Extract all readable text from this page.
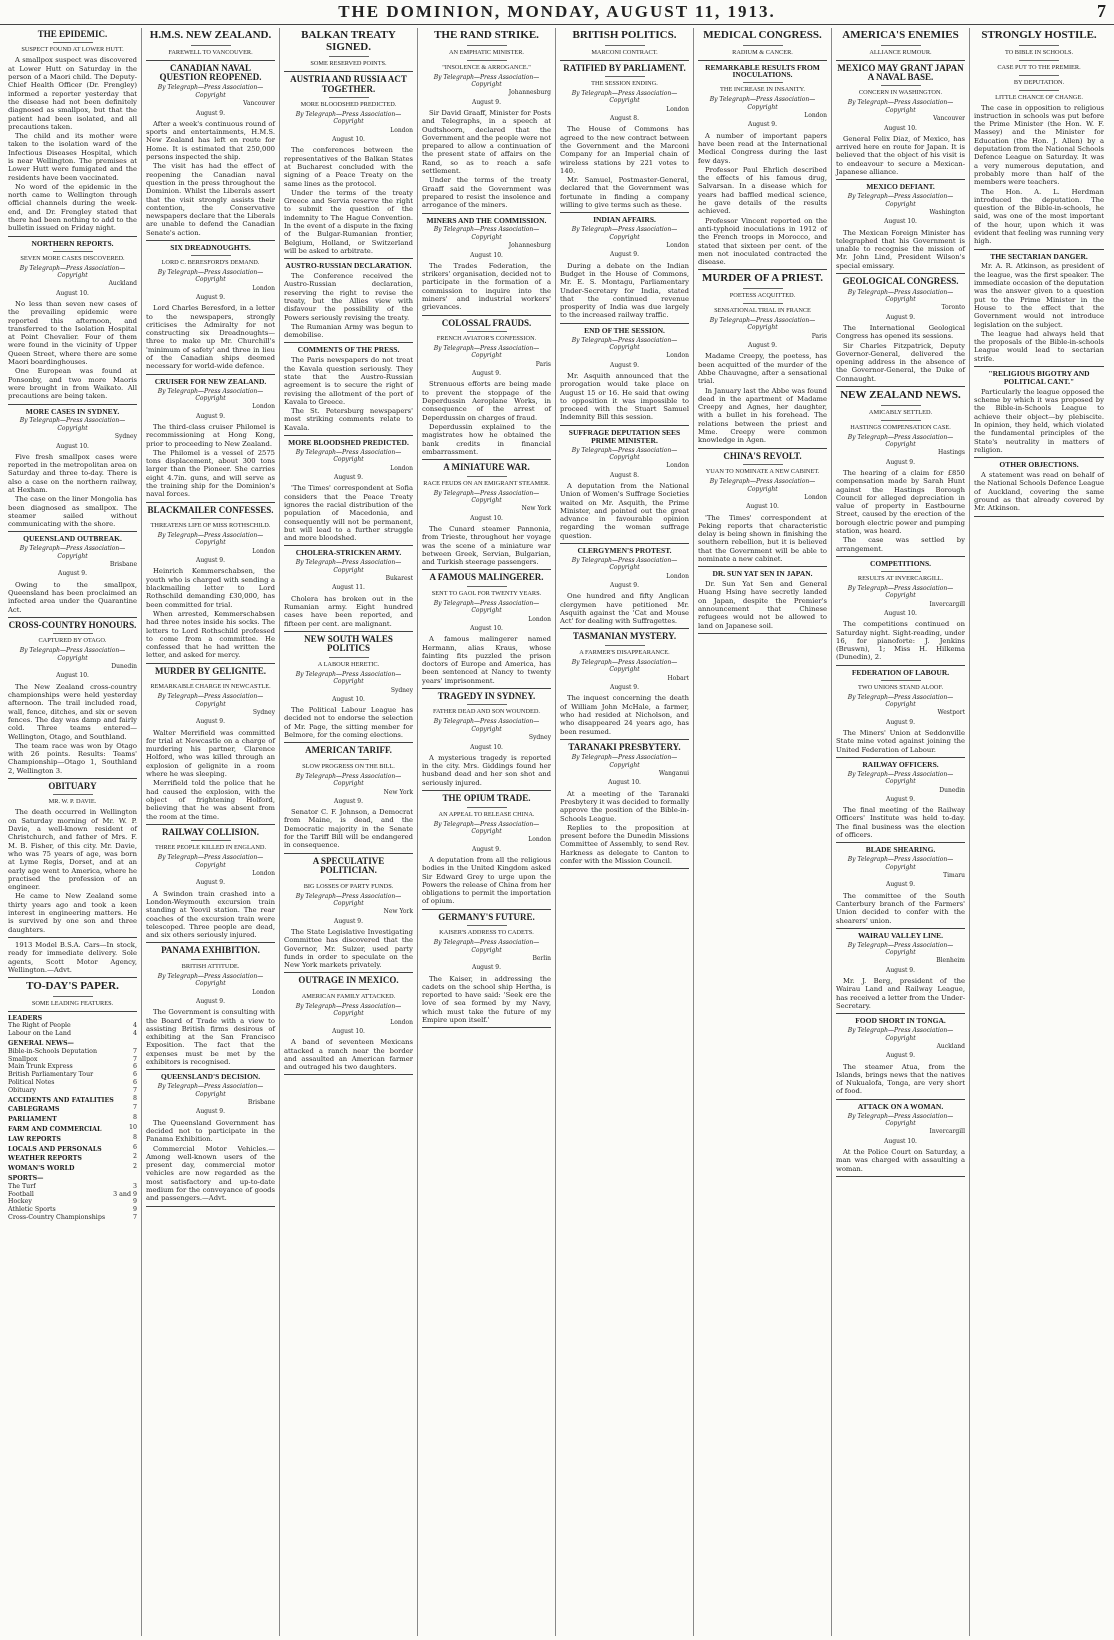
THE DOMINION, MONDAY, AUGUST 11, 1913.	7
THE EPIDEMIC.
SUSPECT FOUND AT LOWER HUTT.
A smallpox suspect was discovered at Lower Hutt on Saturday in the person of a Maori child. The Deputy-Chief Health Officer (Dr. Frengley) informed a reporter yesterday that the disease had not been definitely diagnosed as smallpox, but that the patient had been isolated, and all precautions taken.
The child and its mother were taken to the isolation ward of the Infectious Diseases Hospital, which is near Wellington. The premises at Lower Hutt were fumigated and the residents have been vaccinated.
No word of the epidemic in the north came to Wellington through official channels during the week-end, and Dr. Frengley stated that there had been nothing to add to the bulletin issued on Friday night.
NORTHERN REPORTS.
SEVEN MORE CASES DISCOVERED.
By Telegraph—Press Association—Copyright
Auckland
August 10.
No less than seven new cases of the prevailing epidemic were reported this afternoon, and transferred to the Isolation Hospital at Point Chevalier. Four of them were found in the vicinity of Upper Queen Street, where there are some Maori boardinghouses.
One European was found at Ponsonby, and two more Maoris were brought in from Waikato. All precautions are being taken.
MORE CASES IN SYDNEY.
By Telegraph—Press Association—Copyright
Sydney
August 10.
Five fresh smallpox cases were reported in the metropolitan area on Saturday and three to-day. There is also a case on the northern railway, at Hexham.
The case on the liner Mongolia has been diagnosed as smallpox. The steamer sailed without communicating with the shore.
QUEENSLAND OUTBREAK.
By Telegraph—Press Association—Copyright
Brisbane
August 9.
Owing to the smallpox, Queensland has been proclaimed an infected area under the Quarantine Act.
CROSS-COUNTRY HONOURS.
CAPTURED BY OTAGO.
By Telegraph—Press Association—Copyright
Dunedin
August 10.
The New Zealand cross-country championships were held yesterday afternoon. The trail included road, wall, fence, ditches, and six or seven fences. The day was damp and fairly cold. Three teams entered—Wellington, Otago, and Southland.
The team race was won by Otago with 26 points. Results: Teams' Championship—Otago 1, Southland 2, Wellington 3.
OBITUARY
MR. W. P. DAVIE.
The death occurred in Wellington on Saturday morning of Mr. W. P. Davie, a well-known resident of Christchurch, and father of Mrs. F. M. B. Fisher, of this city. Mr. Davie, who was 75 years of age, was born at Lyme Regis, Dorset, and at an early age went to America, where he practised the profession of an engineer.
He came to New Zealand some thirty years ago and took a keen interest in engineering matters. He is survived by one son and three daughters.
1913 Model B.S.A. Cars—In stock, ready for immediate delivery. Sole agents, Scott Motor Agency, Wellington.—Advt.
TO-DAY'S PAPER.
SOME LEADING FEATURES.
LEADERS
The Right of People	4
Labour on the Land	4
GENERAL NEWS—
Bible-in-Schools Deputation	7
Smallpox	7
Main Trunk Express	6
British Parliamentary Tour	6
Political Notes	6
Obituary	7
ACCIDENTS AND FATALITIES	8
CABLEGRAMS	7
PARLIAMENT	8
FARM AND COMMERCIAL	10
LAW REPORTS	8
LOCALS AND PERSONALS	6
WEATHER REPORTS	2
WOMAN'S WORLD	2
SPORTS—
The Turf	3
Football	3 and 9
Hockey	9
Athletic Sports	9
Cross-Country Championships	7
H.M.S. NEW ZEALAND.
FAREWELL TO VANCOUVER.
CANADIAN NAVAL QUESTION REOPENED.
By Telegraph—Press Association—Copyright
Vancouver
August 9.
After a week's continuous round of sports and entertainments, H.M.S. New Zealand has left en route for Home. It is estimated that 250,000 persons inspected the ship.
The visit has had the effect of reopening the Canadian naval question in the press throughout the Dominion. Whilst the Liberals assert that the visit strongly assists their contention, the Conservative newspapers declare that the Liberals are unable to defend the Canadian Senate's action.
SIX DREADNOUGHTS.
LORD C. BERESFORD'S DEMAND.
By Telegraph—Press Association—Copyright
London
August 9.
Lord Charles Beresford, in a letter to the newspapers, strongly criticises the Admiralty for not constructing six Dreadnoughts—three to make up Mr. Churchill's 'minimum of safety' and three in lieu of the Canadian ships deemed necessary for world-wide defence.
CRUISER FOR NEW ZEALAND.
By Telegraph—Press Association—Copyright
London
August 9.
The third-class cruiser Philomel is recommissioning at Hong Kong, prior to proceeding to New Zealand.
The Philomel is a vessel of 2575 tons displacement, about 300 tons larger than the Pioneer. She carries eight 4.7in. guns, and will serve as the training ship for the Dominion's naval forces.
BLACKMAILER CONFESSES.
THREATENS LIFE OF MISS ROTHSCHILD.
By Telegraph—Press Association—Copyright
London
August 9.
Heinrich Kemmerschabsen, the youth who is charged with sending a blackmailing letter to Lord Rothschild demanding £30,000, has been committed for trial.
When arrested, Kemmerschabsen had three notes inside his socks. The letters to Lord Rothschild professed to come from a committee. He confessed that he had written the letter, and asked for mercy.
MURDER BY GELIGNITE.
REMARKABLE CHARGE IN NEWCASTLE.
By Telegraph—Press Association—Copyright
Sydney
August 9.
Walter Merrifield was committed for trial at Newcastle on a charge of murdering his partner, Clarence Holford, who was killed through an explosion of gelignite in a room where he was sleeping.
Merrifield told the police that he had caused the explosion, with the object of frightening Holford, believing that he was absent from the room at the time.
RAILWAY COLLISION.
THREE PEOPLE KILLED IN ENGLAND.
By Telegraph—Press Association—Copyright
London
August 9.
A Swindon train crashed into a London-Weymouth excursion train standing at Yeovil station. The rear coaches of the excursion train were telescoped. Three people are dead, and six others seriously injured.
PANAMA EXHIBITION.
BRITISH ATTITUDE.
By Telegraph—Press Association—Copyright
London
August 9.
The Government is consulting with the Board of Trade with a view to assisting British firms desirous of exhibiting at the San Francisco Exposition. The fact that the expenses must be met by the exhibitors is recognised.
QUEENSLAND'S DECISION.
By Telegraph—Press Association—Copyright
Brisbane
August 9.
The Queensland Government has decided not to participate in the Panama Exhibition.
Commercial Motor Vehicles.—Among well-known users of the present day, commercial motor vehicles are now regarded as the most satisfactory and up-to-date medium for the conveyance of goods and passengers.—Advt.
BALKAN TREATY SIGNED.
SOME RESERVED POINTS.
AUSTRIA AND RUSSIA ACT TOGETHER.
MORE BLOODSHED PREDICTED.
By Telegraph—Press Association—Copyright
London
August 10.
The conferences between the representatives of the Balkan States at Bucharest concluded with the signing of a Peace Treaty on the same lines as the protocol.
Under the terms of the treaty Greece and Servia reserve the right to submit the question of the indemnity to The Hague Convention. In the event of a dispute in the fixing of the Bulgar-Rumanian frontier, Belgium, Holland, or Switzerland will be asked to arbitrate.
AUSTRO-RUSSIAN DECLARATION.
The Conference received the Austro-Russian declaration, reserving the right to revise the treaty, but the Allies view with disfavour the possibility of the Powers seriously revising the treaty.
The Rumanian Army was begun to demobilise.
COMMENTS OF THE PRESS.
The Paris newspapers do not treat the Kavala question seriously. They state that the Austro-Russian agreement is to secure the right of revising the allotment of the port of Kavala to Greece.
The St. Petersburg newspapers' most striking comments relate to Kavala.
MORE BLOODSHED PREDICTED.
By Telegraph—Press Association—Copyright
London
August 9.
'The Times' correspondent at Sofia considers that the Peace Treaty ignores the racial distribution of the population of Macedonia, and consequently will not be permanent, but will lead to a further struggle and more bloodshed.
CHOLERA-STRICKEN ARMY.
By Telegraph—Press Association—Copyright
Bukarest
August 11.
Cholera has broken out in the Rumanian army. Eight hundred cases have been reported, and fifteen per cent. are malignant.
NEW SOUTH WALES POLITICS
A LABOUR HERETIC.
By Telegraph—Press Association—Copyright
Sydney
August 10.
The Political Labour League has decided not to endorse the selection of Mr. Page, the sitting member for Belmore, for the coming elections.
AMERICAN TARIFF.
SLOW PROGRESS ON THE BILL.
By Telegraph—Press Association—Copyright
New York
August 9.
Senator C. F. Johnson, a Democrat from Maine, is dead, and the Democratic majority in the Senate for the Tariff Bill will be endangered in consequence.
A SPECULATIVE POLITICIAN.
BIG LOSSES OF PARTY FUNDS.
By Telegraph—Press Association—Copyright
New York
August 9.
The State Legislative Investigating Committee has discovered that the Governor, Mr. Sulzer, used party funds in order to speculate on the New York markets privately.
OUTRAGE IN MEXICO.
AMERICAN FAMILY ATTACKED.
By Telegraph—Press Association—Copyright
London
August 10.
A band of seventeen Mexicans attacked a ranch near the border and assaulted an American farmer and outraged his two daughters.
THE RAND STRIKE.
AN EMPHATIC MINISTER.
"INSOLENCE & ARROGANCE."
By Telegraph—Press Association—Copyright
Johannesburg
August 9.
Sir David Graaff, Minister for Posts and Telegraphs, in a speech at Oudtshoorn, declared that the Government and the people were not prepared to allow a continuation of the present state of affairs on the Rand, so as to reach a safe settlement.
Under the terms of the treaty Graaff said the Government was prepared to resist the insolence and arrogance of the miners.
MINERS AND THE COMMISSION.
By Telegraph—Press Association—Copyright
Johannesburg
August 10.
The Trades Federation, the strikers' organisation, decided not to participate in the formation of a commission to inquire into the miners' and industrial workers' grievances.
COLOSSAL FRAUDS.
FRENCH AVIATOR'S CONFESSION.
By Telegraph—Press Association—Copyright
Paris
August 9.
Strenuous efforts are being made to prevent the stoppage of the Deperdussin Aeroplane Works, in consequence of the arrest of Deperdussin on charges of fraud.
Deperdussin explained to the magistrates how he obtained the bank credits in financial embarrassment.
A MINIATURE WAR.
RACE FEUDS ON AN EMIGRANT STEAMER.
By Telegraph—Press Association—Copyright
New York
August 10.
The Cunard steamer Pannonia, from Trieste, throughout her voyage was the scene of a miniature war between Greek, Servian, Bulgarian, and Turkish steerage passengers.
A FAMOUS MALINGERER.
SENT TO GAOL FOR TWENTY YEARS.
By Telegraph—Press Association—Copyright
London
August 10.
A famous malingerer named Hermann, alias Kraus, whose fainting fits puzzled the prison doctors of Europe and America, has been sentenced at Nancy to twenty years' imprisonment.
TRAGEDY IN SYDNEY.
FATHER DEAD AND SON WOUNDED.
By Telegraph—Press Association—Copyright
Sydney
August 10.
A mysterious tragedy is reported in the city. Mrs. Giddings found her husband dead and her son shot and seriously injured.
THE OPIUM TRADE.
AN APPEAL TO RELEASE CHINA.
By Telegraph—Press Association—Copyright
London
August 9.
A deputation from all the religious bodies in the United Kingdom asked Sir Edward Grey to urge upon the Powers the release of China from her obligations to permit the importation of opium.
GERMANY'S FUTURE.
KAISER'S ADDRESS TO CADETS.
By Telegraph—Press Association—Copyright
Berlin
August 9.
The Kaiser, in addressing the cadets on the school ship Hertha, is reported to have said: 'Seek ere the love of sea formed by my Navy, which must take the future of my Empire upon itself.'
BRITISH POLITICS.
MARCONI CONTRACT.
RATIFIED BY PARLIAMENT.
THE SESSION ENDING.
By Telegraph—Press Association—Copyright
London
August 8.
The House of Commons has agreed to the new contract between the Government and the Marconi Company for an Imperial chain of wireless stations by 221 votes to 140.
Mr. Samuel, Postmaster-General, declared that the Government was fortunate in finding a company willing to give terms such as these.
INDIAN AFFAIRS.
By Telegraph—Press Association—Copyright
London
August 9.
During a debate on the Indian Budget in the House of Commons, Mr. E. S. Montagu, Parliamentary Under-Secretary for India, stated that the continued revenue prosperity of India was due largely to the increased railway traffic.
END OF THE SESSION.
By Telegraph—Press Association—Copyright
London
August 9.
Mr. Asquith announced that the prorogation would take place on August 15 or 16. He said that owing to opposition it was impossible to proceed with the Stuart Samuel Indemnity Bill this session.
SUFFRAGE DEPUTATION SEES PRIME MINISTER.
By Telegraph—Press Association—Copyright
London
August 8.
A deputation from the National Union of Women's Suffrage Societies waited on Mr. Asquith, the Prime Minister, and pointed out the great advance in favourable opinion regarding the woman suffrage question.
CLERGYMEN'S PROTEST.
By Telegraph—Press Association—Copyright
London
August 9.
One hundred and fifty Anglican clergymen have petitioned Mr. Asquith against the 'Cat and Mouse Act' for dealing with Suffragettes.
TASMANIAN MYSTERY.
A FARMER'S DISAPPEARANCE.
By Telegraph—Press Association—Copyright
Hobart
August 9.
The inquest concerning the death of William John McHale, a farmer, who had resided at Nicholson, and who disappeared 24 years ago, has been resumed.
TARANAKI PRESBYTERY.
By Telegraph—Press Association—Copyright
Wanganui
August 10.
At a meeting of the Taranaki Presbytery it was decided to formally approve the position of the Bible-in-Schools League.
Replies to the proposition at present before the Dunedin Missions Committee of Assembly, to send Rev. Harkness as delegate to Canton to confer with the Mission Council.
MEDICAL CONGRESS.
RADIUM & CANCER.
REMARKABLE RESULTS FROM INOCULATIONS.
THE INCREASE IN INSANITY.
By Telegraph—Press Association—Copyright
London
August 9.
A number of important papers have been read at the International Medical Congress during the last few days.
Professor Paul Ehrlich described the effects of his famous drug, Salvarsan. In a disease which for years had baffled medical science, he gave details of the results achieved.
Professor Vincent reported on the anti-typhoid inoculations in 1912 of the French troops in Morocco, and stated that sixteen per cent. of the men not inoculated contracted the disease.
MURDER OF A PRIEST.
POETESS ACQUITTED.
SENSATIONAL TRIAL IN FRANCE
By Telegraph—Press Association—Copyright
Paris
August 9.
Madame Creepy, the poetess, has been acquitted of the murder of the Abbe Chauvagne, after a sensational trial.
In January last the Abbe was found dead in the apartment of Madame Creepy and Agnes, her daughter, with a bullet in his forehead. The relations between the priest and Mme. Creepy were common knowledge in Agen.
CHINA'S REVOLT.
YUAN TO NOMINATE A NEW CABINET.
By Telegraph—Press Association—Copyright
London
August 10.
'The Times' correspondent at Peking reports that characteristic delay is being shown in finishing the southern rebellion, but it is believed that the Government will be able to nominate a new cabinet.
DR. SUN YAT SEN IN JAPAN.
Dr. Sun Yat Sen and General Huang Hsing have secretly landed on Japan, despite the Premier's announcement that Chinese refugees would not be allowed to land on Japanese soil.
AMERICA'S ENEMIES
ALLIANCE RUMOUR.
MEXICO MAY GRANT JAPAN A NAVAL BASE.
CONCERN IN WASHINGTON.
By Telegraph—Press Association—Copyright
Vancouver
August 10.
General Felix Diaz, of Mexico, has arrived here en route for Japan. It is believed that the object of his visit is to endeavour to secure a Mexican-Japanese alliance.
MEXICO DEFIANT.
By Telegraph—Press Association—Copyright
Washington
August 10.
The Mexican Foreign Minister has telegraphed that his Government is unable to recognise the mission of Mr. John Lind, President Wilson's special emissary.
GEOLOGICAL CONGRESS.
By Telegraph—Press Association—Copyright
Toronto
August 9.
The International Geological Congress has opened its sessions.
Sir Charles Fitzpatrick, Deputy Governor-General, delivered the opening address in the absence of the Governor-General, the Duke of Connaught.
NEW ZEALAND NEWS.
AMICABLY SETTLED.
HASTINGS COMPENSATION CASE.
By Telegraph—Press Association—Copyright
Hastings
August 9.
The hearing of a claim for £850 compensation made by Sarah Hunt against the Hastings Borough Council for alleged depreciation in value of property in Eastbourne Street, caused by the erection of the borough electric power and pumping station, was heard.
The case was settled by arrangement.
COMPETITIONS.
RESULTS AT INVERCARGILL.
By Telegraph—Press Association—Copyright
Invercargill
August 10.
The competitions continued on Saturday night. Sight-reading, under 16, for pianoforte: J. Jenkins (Bruswn), 1; Miss H. Hilkema (Dunedin), 2.
FEDERATION OF LABOUR.
TWO UNIONS STAND ALOOF.
By Telegraph—Press Association—Copyright
Westport
August 9.
The Miners' Union at Seddonville State mine voted against joining the United Federation of Labour.
RAILWAY OFFICERS.
By Telegraph—Press Association—Copyright
Dunedin
August 9.
The final meeting of the Railway Officers' Institute was held to-day. The final business was the election of officers.
BLADE SHEARING.
By Telegraph—Press Association—Copyright
Timaru
August 9.
The committee of the South Canterbury branch of the Farmers' Union decided to confer with the shearers' union.
WAIRAU VALLEY LINE.
By Telegraph—Press Association—Copyright
Blenheim
August 9.
Mr. J. Berg, president of the Wairau Land and Railway League, has received a letter from the Under-Secretary.
FOOD SHORT IN TONGA.
By Telegraph—Press Association—Copyright
Auckland
August 9.
The steamer Atua, from the Islands, brings news that the natives of Nukualofa, Tonga, are very short of food.
ATTACK ON A WOMAN.
By Telegraph—Press Association—Copyright
Invercargill
August 10.
At the Police Court on Saturday, a man was charged with assaulting a woman.
STRONGLY HOSTILE.
TO BIBLE IN SCHOOLS.
CASE PUT TO THE PREMIER.
BY DEPUTATION.
LITTLE CHANCE OF CHANGE.
The case in opposition to religious instruction in schools was put before the Prime Minister (the Hon. W. F. Massey) and the Minister for Education (the Hon. J. Allen) by a deputation from the National Schools Defence League on Saturday. It was a very numerous deputation, and probably more than half of the members were teachers.
The Hon. A. L. Herdman introduced the deputation. The question of the Bible-in-schools, he said, was one of the most important of the hour, upon which it was evident that feeling was running very high.
THE SECTARIAN DANGER.
Mr. A. R. Atkinson, as president of the league, was the first speaker. The immediate occasion of the deputation was the answer given to a question put to the Prime Minister in the House to the effect that the Government would not introduce legislation on the subject.
The league had always held that the proposals of the Bible-in-schools League would lead to sectarian strife.
"RELIGIOUS BIGOTRY AND POLITICAL CANT."
Particularly the league opposed the scheme by which it was proposed by the Bible-in-Schools League to achieve their object—by plebiscite. In opinion, they held, which violated the fundamental principles of the State's neutrality in matters of religion.
OTHER OBJECTIONS.
A statement was read on behalf of the National Schools Defence League of Auckland, covering the same ground as that already covered by Mr. Atkinson.
